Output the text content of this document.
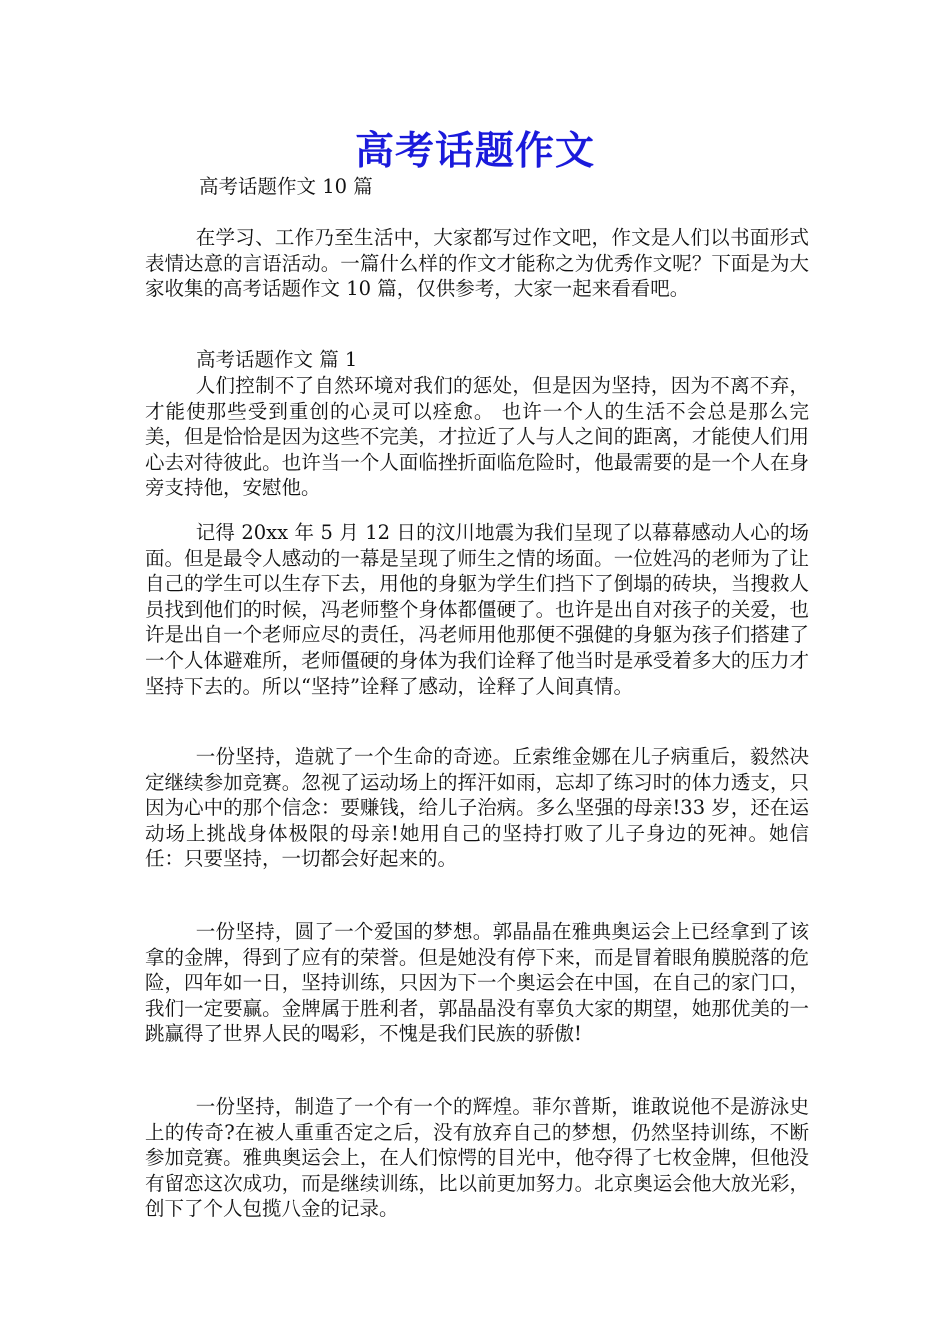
高考话题作文
高考话题作文 10 篇

在学习、工作乃至生活中，大家都写过作文吧，作文是人们以书面形式表情达意的言语活动。一篇什么样的作文才能称之为优秀作文呢？下面是为大家收集的高考话题作文 10 篇，仅供参考，大家一起来看看吧。

高考话题作文 篇 1

人们控制不了自然环境对我们的惩处，但是因为坚持，因为不离不弃，才能使那些受到重创的心灵可以痊愈。 也许一个人的生活不会总是那么完美，但是恰恰是因为这些不完美，才拉近了人与人之间的距离，才能使人们用心去对待彼此。也许当一个人面临挫折面临危险时，他最需要的是一个人在身旁支持他，安慰他。

记得 20xx 年 5 月 12 日的汶川地震为我们呈现了以幕幕感动人心的场面。但是最令人感动的一幕是呈现了师生之情的场面。一位姓冯的老师为了让自己的学生可以生存下去，用他的身躯为学生们挡下了倒塌的砖块，当搜救人员找到他们的时候，冯老师整个身体都僵硬了。也许是出自对孩子的关爱，也许是出自一个老师应尽的责任，冯老师用他那便不强健的身躯为孩子们搭建了一个人体避难所，老师僵硬的身体为我们诠释了他当时是承受着多大的压力才坚持下去的。所以“坚持”诠释了感动，诠释了人间真情。

一份坚持，造就了一个生命的奇迹。丘索维金娜在儿子病重后，毅然决定继续参加竞赛。忽视了运动场上的挥汗如雨，忘却了练习时的体力透支，只因为心中的那个信念：要赚钱，给儿子治病。多么坚强的母亲!33 岁，还在运动场上挑战身体极限的母亲!她用自己的坚持打败了儿子身边的死神。她信任：只要坚持，一切都会好起来的。

一份坚持，圆了一个爱国的梦想。郭晶晶在雅典奥运会上已经拿到了该拿的金牌，得到了应有的荣誉。但是她没有停下来，而是冒着眼角膜脱落的危险，四年如一日，坚持训练，只因为下一个奥运会在中国，在自己的家门口，我们一定要赢。金牌属于胜利者，郭晶晶没有辜负大家的期望，她那优美的一跳赢得了世界人民的喝彩，不愧是我们民族的骄傲!

一份坚持，制造了一个有一个的辉煌。菲尔普斯，谁敢说他不是游泳史上的传奇?在被人重重否定之后，没有放弃自己的梦想，仍然坚持训练，不断参加竞赛。雅典奥运会上，在人们惊愕的目光中，他夺得了七枚金牌，但他没有留恋这次成功，而是继续训练，比以前更加努力。北京奥运会他大放光彩，创下了个人包揽八金的记录。
